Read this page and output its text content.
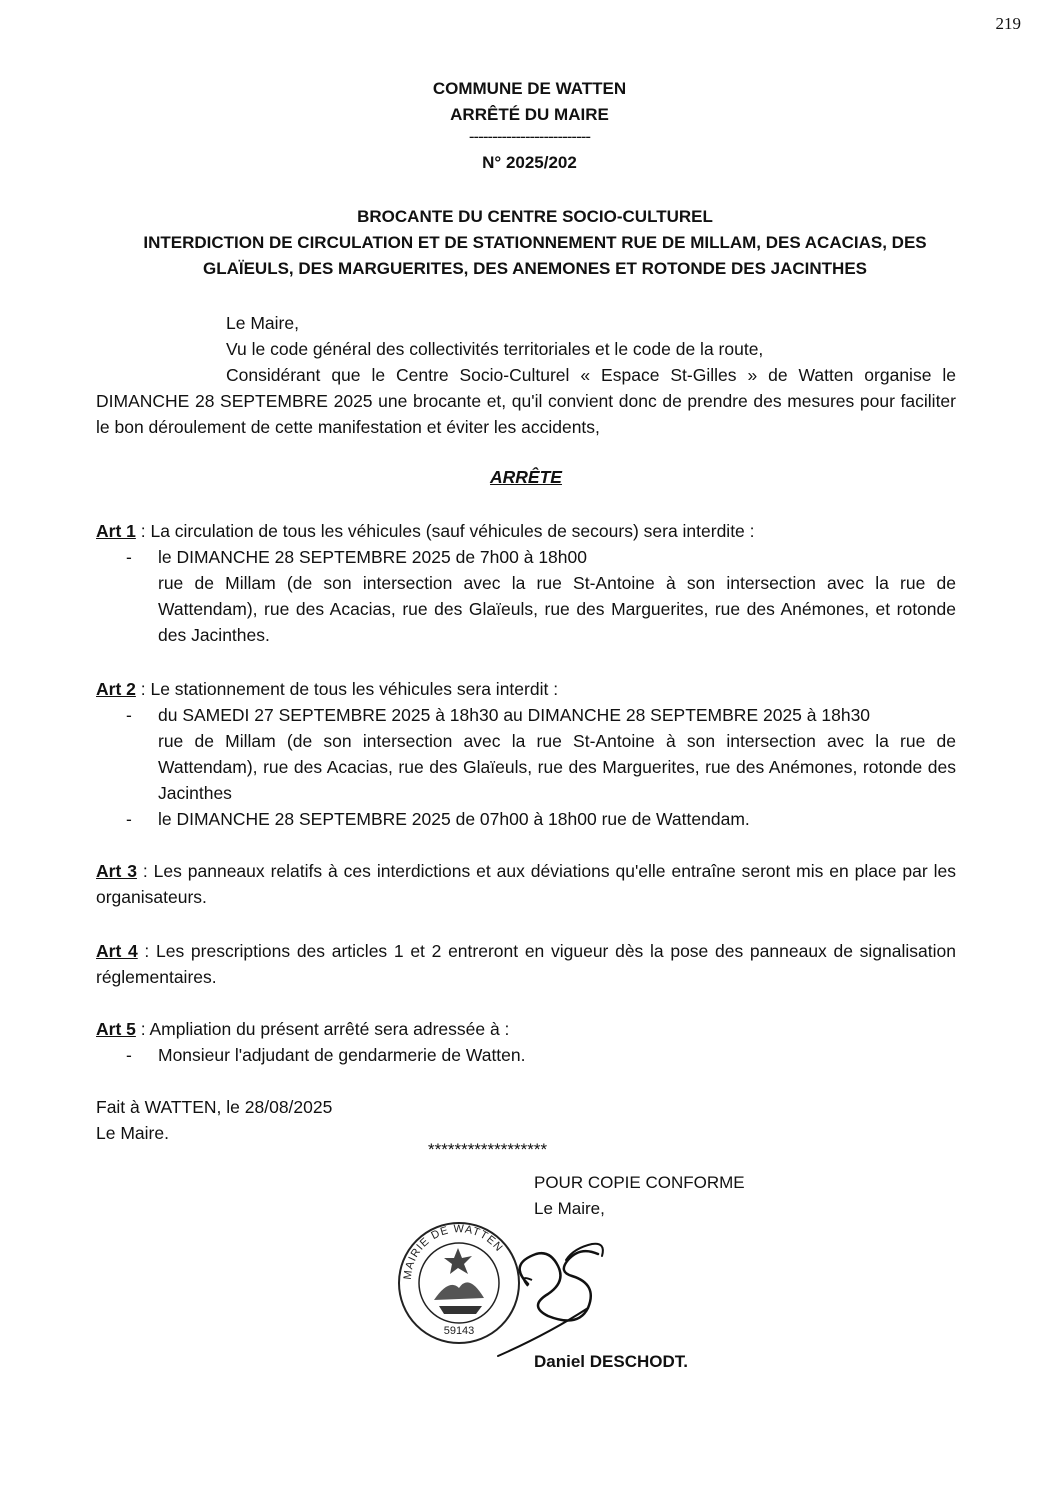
219
COMMUNE DE WATTEN
ARRÊTÉ DU MAIRE
--------------------------
N° 2025/202
BROCANTE DU CENTRE SOCIO-CULTUREL
INTERDICTION DE CIRCULATION ET DE STATIONNEMENT RUE DE MILLAM, DES ACACIAS, DES
GLAÏEULS, DES MARGUERITES, DES ANEMONES ET ROTONDE DES JACINTHES
Le Maire,
Vu le code général des collectivités territoriales et le code de la route,
Considérant que le Centre Socio-Culturel « Espace St-Gilles » de Watten organise le DIMANCHE 28 SEPTEMBRE 2025 une brocante et, qu'il convient donc de prendre des mesures pour faciliter le bon déroulement de cette manifestation et éviter les accidents,
ARRÊTE
Art 1 : La circulation de tous les véhicules (sauf véhicules de secours) sera interdite :
- le DIMANCHE 28 SEPTEMBRE 2025 de 7h00 à 18h00
rue de Millam (de son intersection avec la rue St-Antoine à son intersection avec la rue de Wattendam), rue des Acacias, rue des Glaïeuls, rue des Marguerites, rue des Anémones, et rotonde des Jacinthes.
Art 2 : Le stationnement de tous les véhicules sera interdit :
- du SAMEDI 27 SEPTEMBRE 2025 à 18h30 au DIMANCHE 28 SEPTEMBRE 2025 à 18h30
rue de Millam (de son intersection avec la rue St-Antoine à son intersection avec la rue de Wattendam), rue des Acacias, rue des Glaïeuls, rue des Marguerites, rue des Anémones, rotonde des Jacinthes
- le DIMANCHE 28 SEPTEMBRE 2025 de 07h00 à 18h00 rue de Wattendam.
Art 3 : Les panneaux relatifs à ces interdictions et aux déviations qu'elle entraîne seront mis en place par les organisateurs.
Art 4 : Les prescriptions des articles 1 et 2 entreront en vigueur dès la pose des panneaux de signalisation réglementaires.
Art 5 : Ampliation du présent arrêté sera adressée à :
- Monsieur l'adjudant de gendarmerie de Watten.
Fait à WATTEN, le 28/08/2025
Le Maire.
******************
POUR COPIE CONFORME
Le Maire,
MAIRIE DE WATTEN
59143
Daniel DESCHODT.
